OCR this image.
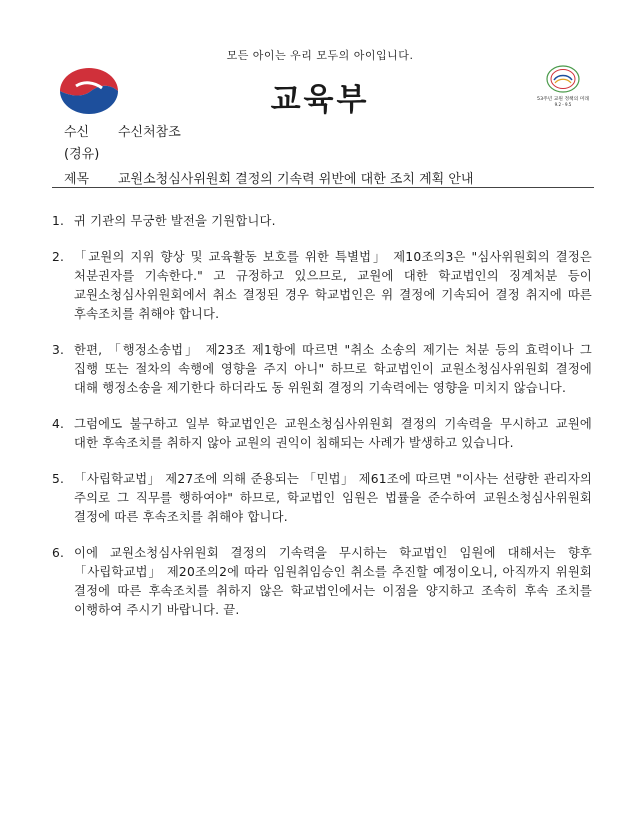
모든 아이는 우리 모두의 아이입니다.
교육부	53주년 교원 정책의 미래
9.2 - 9.5
수신 수신처참조
(경유)
제목 교원소청심사위원회 결정의 기속력 위반에 대한 조치 계획 안내
1. 귀 기관의 무궁한 발전을 기원합니다.
2. 「교원의 지위 향상 및 교육활동 보호를 위한 특별법」 제10조의3은 "심사위원회의 결정은 처분권자를 기속한다." 고 규정하고 있으므로, 교원에 대한 학교법인의 징계처분 등이 교원소청심사위원회에서 취소 결정된 경우 학교법인은 위 결정에 기속되어 결정 취지에 따른 후속조치를 취해야 합니다.
3. 한편, 「행정소송법」 제23조 제1항에 따르면 "취소 소송의 제기는 처분 등의 효력이나 그 집행 또는 절차의 속행에 영향을 주지 아니" 하므로 학교법인이 교원소청심사위원회 결정에 대해 행정소송을 제기한다 하더라도 동 위원회 결정의 기속력에는 영향을 미치지 않습니다.
4. 그럼에도 불구하고 일부 학교법인은 교원소청심사위원회 결정의 기속력을 무시하고 교원에 대한 후속조치를 취하지 않아 교원의 권익이 침해되는 사례가 발생하고 있습니다.
5. 「사립학교법」 제27조에 의해 준용되는 「민법」 제61조에 따르면 "이사는 선량한 관리자의 주의로 그 직무를 행하여야" 하므로, 학교법인 임원은 법률을 준수하여 교원소청심사위원회 결정에 따른 후속조치를 취해야 합니다.
6. 이에 교원소청심사위원회 결정의 기속력을 무시하는 학교법인 임원에 대해서는 향후 「사립학교법」 제20조의2에 따라 임원취임승인 취소를 추진할 예정이오니, 아직까지 위원회 결정에 따른 후속조치를 취하지 않은 학교법인에서는 이점을 양지하고 조속히 후속 조치를 이행하여 주시기 바랍니다. 끝.
